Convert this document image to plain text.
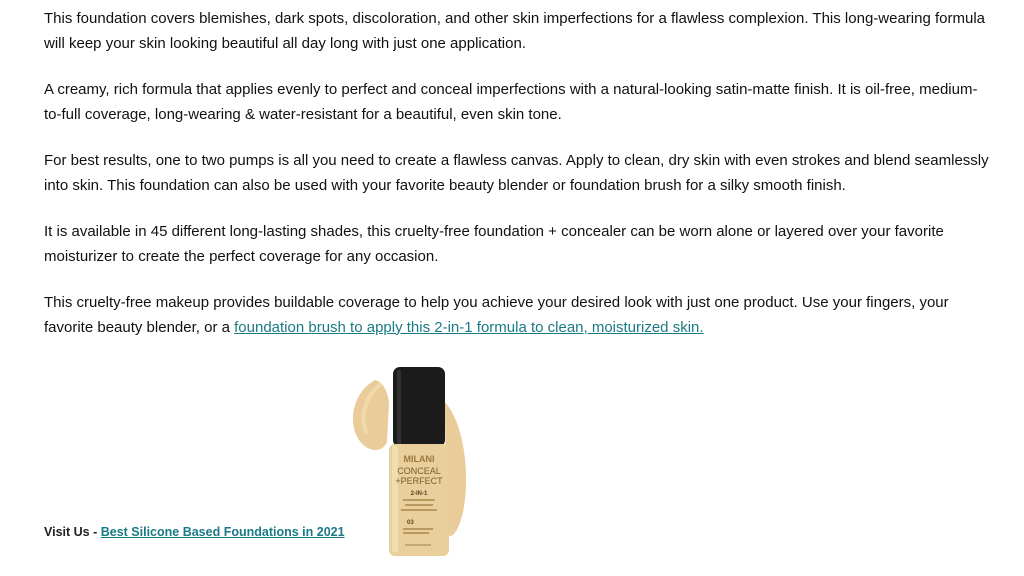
This foundation covers blemishes, dark spots, discoloration, and other skin imperfections for a flawless complexion. This long-wearing formula will keep your skin looking beautiful all day long with just one application.

A creamy, rich formula that applies evenly to perfect and conceal imperfections with a natural-looking satin-matte finish. It is oil-free, medium-to-full coverage, long-wearing & water-resistant for a beautiful, even skin tone.

For best results, one to two pumps is all you need to create a flawless canvas. Apply to clean, dry skin with even strokes and blend seamlessly into skin. This foundation can also be used with your favorite beauty blender or foundation brush for a silky smooth finish.

It is available in 45 different long-lasting shades, this cruelty-free foundation + concealer can be worn alone or layered over your favorite moisturizer to create the perfect coverage for any occasion.

This cruelty-free makeup provides buildable coverage to help you achieve your desired look with just one product. Use your fingers, your favorite beauty blender, or a foundation brush to apply this 2-in-1 formula to clean, moisturized skin.

MILANI
CONCEAL
+PERFECT
2-IN-1
03
Visit Us - Best Silicone Based Foundations in 2021
